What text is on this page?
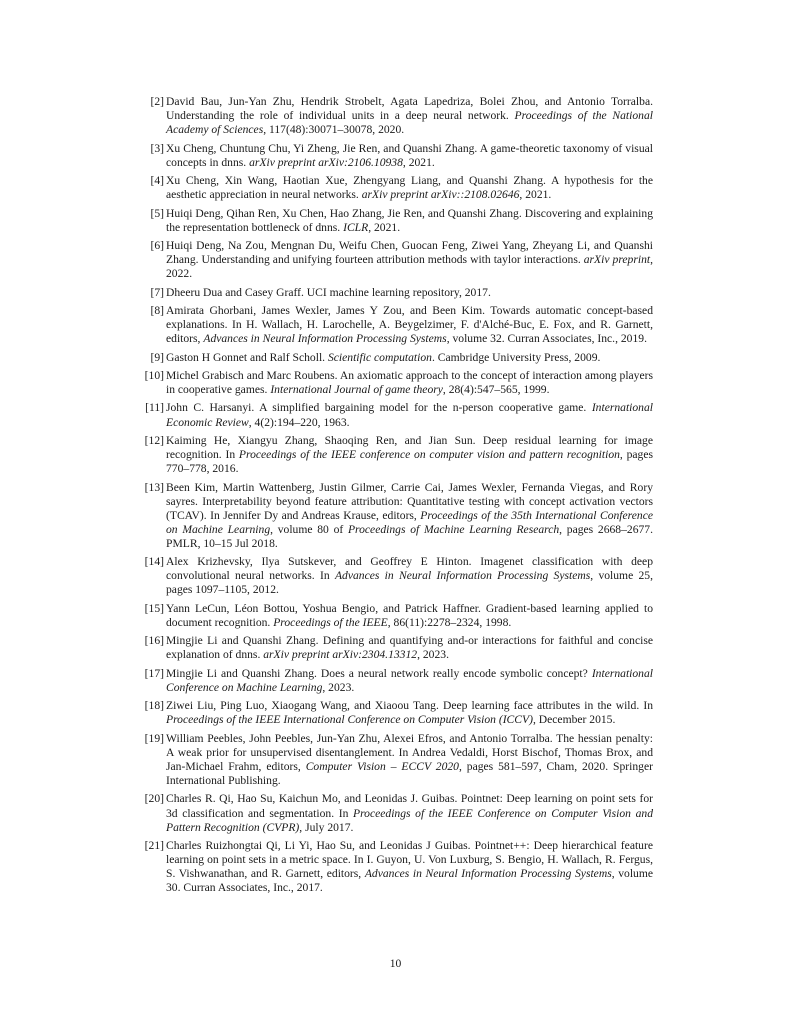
[2] David Bau, Jun-Yan Zhu, Hendrik Strobelt, Agata Lapedriza, Bolei Zhou, and Antonio Torralba. Understanding the role of individual units in a deep neural network. Proceedings of the National Academy of Sciences, 117(48):30071–30078, 2020.
[3] Xu Cheng, Chuntung Chu, Yi Zheng, Jie Ren, and Quanshi Zhang. A game-theoretic taxonomy of visual concepts in dnns. arXiv preprint arXiv:2106.10938, 2021.
[4] Xu Cheng, Xin Wang, Haotian Xue, Zhengyang Liang, and Quanshi Zhang. A hypothesis for the aesthetic appreciation in neural networks. arXiv preprint arXiv::2108.02646, 2021.
[5] Huiqi Deng, Qihan Ren, Xu Chen, Hao Zhang, Jie Ren, and Quanshi Zhang. Discovering and explaining the representation bottleneck of dnns. ICLR, 2021.
[6] Huiqi Deng, Na Zou, Mengnan Du, Weifu Chen, Guocan Feng, Ziwei Yang, Zheyang Li, and Quanshi Zhang. Understanding and unifying fourteen attribution methods with taylor interactions. arXiv preprint, 2022.
[7] Dheeru Dua and Casey Graff. UCI machine learning repository, 2017.
[8] Amirata Ghorbani, James Wexler, James Y Zou, and Been Kim. Towards automatic concept-based explanations. In H. Wallach, H. Larochelle, A. Beygelzimer, F. d'Alché-Buc, E. Fox, and R. Garnett, editors, Advances in Neural Information Processing Systems, volume 32. Curran Associates, Inc., 2019.
[9] Gaston H Gonnet and Ralf Scholl. Scientific computation. Cambridge University Press, 2009.
[10] Michel Grabisch and Marc Roubens. An axiomatic approach to the concept of interaction among players in cooperative games. International Journal of game theory, 28(4):547–565, 1999.
[11] John C. Harsanyi. A simplified bargaining model for the n-person cooperative game. International Economic Review, 4(2):194–220, 1963.
[12] Kaiming He, Xiangyu Zhang, Shaoqing Ren, and Jian Sun. Deep residual learning for image recognition. In Proceedings of the IEEE conference on computer vision and pattern recognition, pages 770–778, 2016.
[13] Been Kim, Martin Wattenberg, Justin Gilmer, Carrie Cai, James Wexler, Fernanda Viegas, and Rory sayres. Interpretability beyond feature attribution: Quantitative testing with concept activation vectors (TCAV). In Jennifer Dy and Andreas Krause, editors, Proceedings of the 35th International Conference on Machine Learning, volume 80 of Proceedings of Machine Learning Research, pages 2668–2677. PMLR, 10–15 Jul 2018.
[14] Alex Krizhevsky, Ilya Sutskever, and Geoffrey E Hinton. Imagenet classification with deep convolutional neural networks. In Advances in Neural Information Processing Systems, volume 25, pages 1097–1105, 2012.
[15] Yann LeCun, Léon Bottou, Yoshua Bengio, and Patrick Haffner. Gradient-based learning applied to document recognition. Proceedings of the IEEE, 86(11):2278–2324, 1998.
[16] Mingjie Li and Quanshi Zhang. Defining and quantifying and-or interactions for faithful and concise explanation of dnns. arXiv preprint arXiv:2304.13312, 2023.
[17] Mingjie Li and Quanshi Zhang. Does a neural network really encode symbolic concept? International Conference on Machine Learning, 2023.
[18] Ziwei Liu, Ping Luo, Xiaogang Wang, and Xiaoou Tang. Deep learning face attributes in the wild. In Proceedings of the IEEE International Conference on Computer Vision (ICCV), December 2015.
[19] William Peebles, John Peebles, Jun-Yan Zhu, Alexei Efros, and Antonio Torralba. The hessian penalty: A weak prior for unsupervised disentanglement. In Andrea Vedaldi, Horst Bischof, Thomas Brox, and Jan-Michael Frahm, editors, Computer Vision – ECCV 2020, pages 581–597, Cham, 2020. Springer International Publishing.
[20] Charles R. Qi, Hao Su, Kaichun Mo, and Leonidas J. Guibas. Pointnet: Deep learning on point sets for 3d classification and segmentation. In Proceedings of the IEEE Conference on Computer Vision and Pattern Recognition (CVPR), July 2017.
[21] Charles Ruizhongtai Qi, Li Yi, Hao Su, and Leonidas J Guibas. Pointnet++: Deep hierarchical feature learning on point sets in a metric space. In I. Guyon, U. Von Luxburg, S. Bengio, H. Wallach, R. Fergus, S. Vishwanathan, and R. Garnett, editors, Advances in Neural Information Processing Systems, volume 30. Curran Associates, Inc., 2017.
10
